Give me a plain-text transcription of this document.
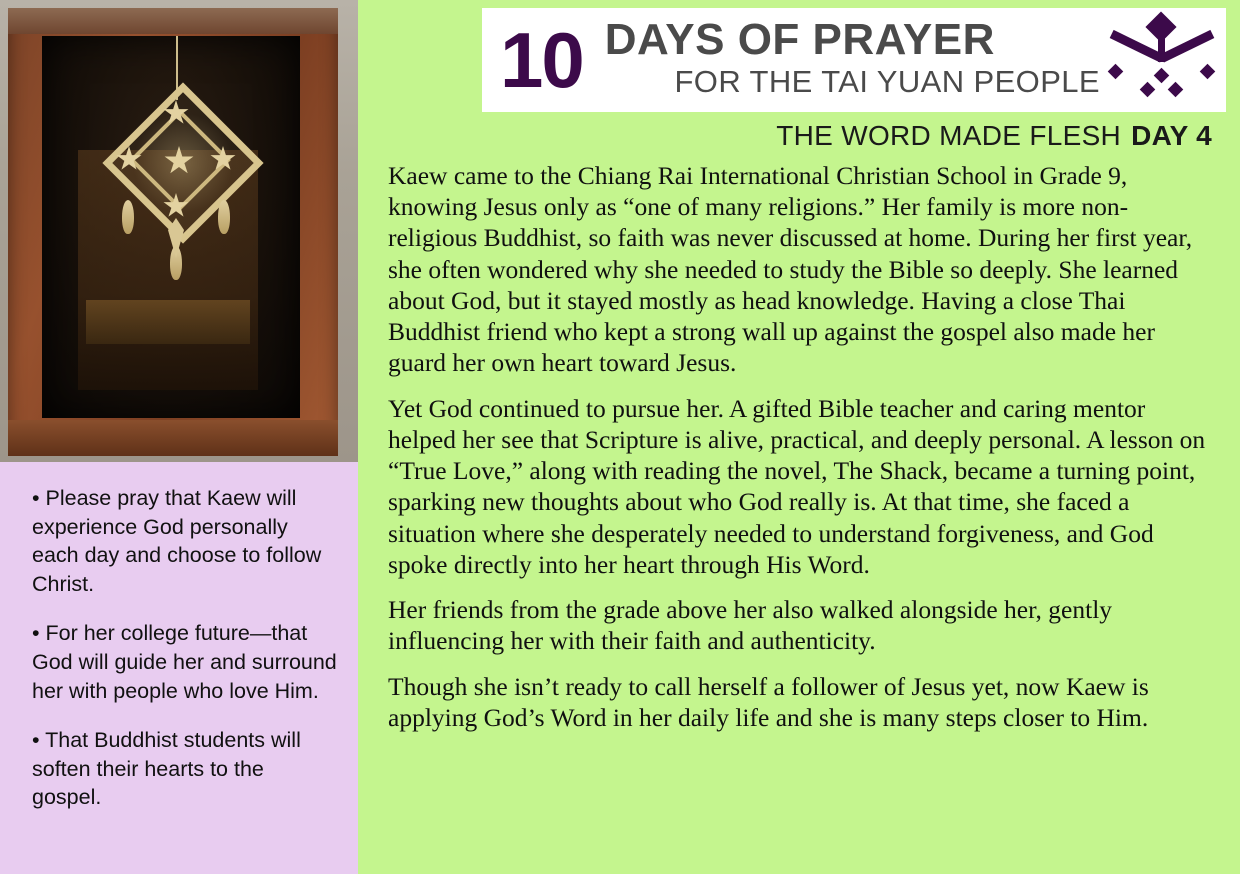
• Please pray that Kaew will experience God personally each day and choose to follow Christ.
• For her college future—that God will guide her and surround her with people who love Him.
• That Buddhist students will soften their hearts to the gospel.
10 DAYS OF PRAYER
FOR THE TAI YUAN PEOPLE
THE WORD MADE FLESH DAY 4

Kaew came to the Chiang Rai International Christian School in Grade 9, knowing Jesus only as “one of many religions.” Her family is more non-religious Buddhist, so faith was never discussed at home. During her first year, she often wondered why she needed to study the Bible so deeply. She learned about God, but it stayed mostly as head knowledge. Having a close Thai Buddhist friend who kept a strong wall up against the gospel also made her guard her own heart toward Jesus.

Yet God continued to pursue her. A gifted Bible teacher and caring mentor helped her see that Scripture is alive, practical, and deeply personal. A lesson on “True Love,” along with reading the novel, The Shack, became a turning point, sparking new thoughts about who God really is. At that time, she faced a situation where she desperately needed to understand forgiveness, and God spoke directly into her heart through His Word.

Her friends from the grade above her also walked alongside her, gently influencing her with their faith and authenticity.

Though she isn’t ready to call herself a follower of Jesus yet, now Kaew is applying God’s Word in her daily life and she is many steps closer to Him.
